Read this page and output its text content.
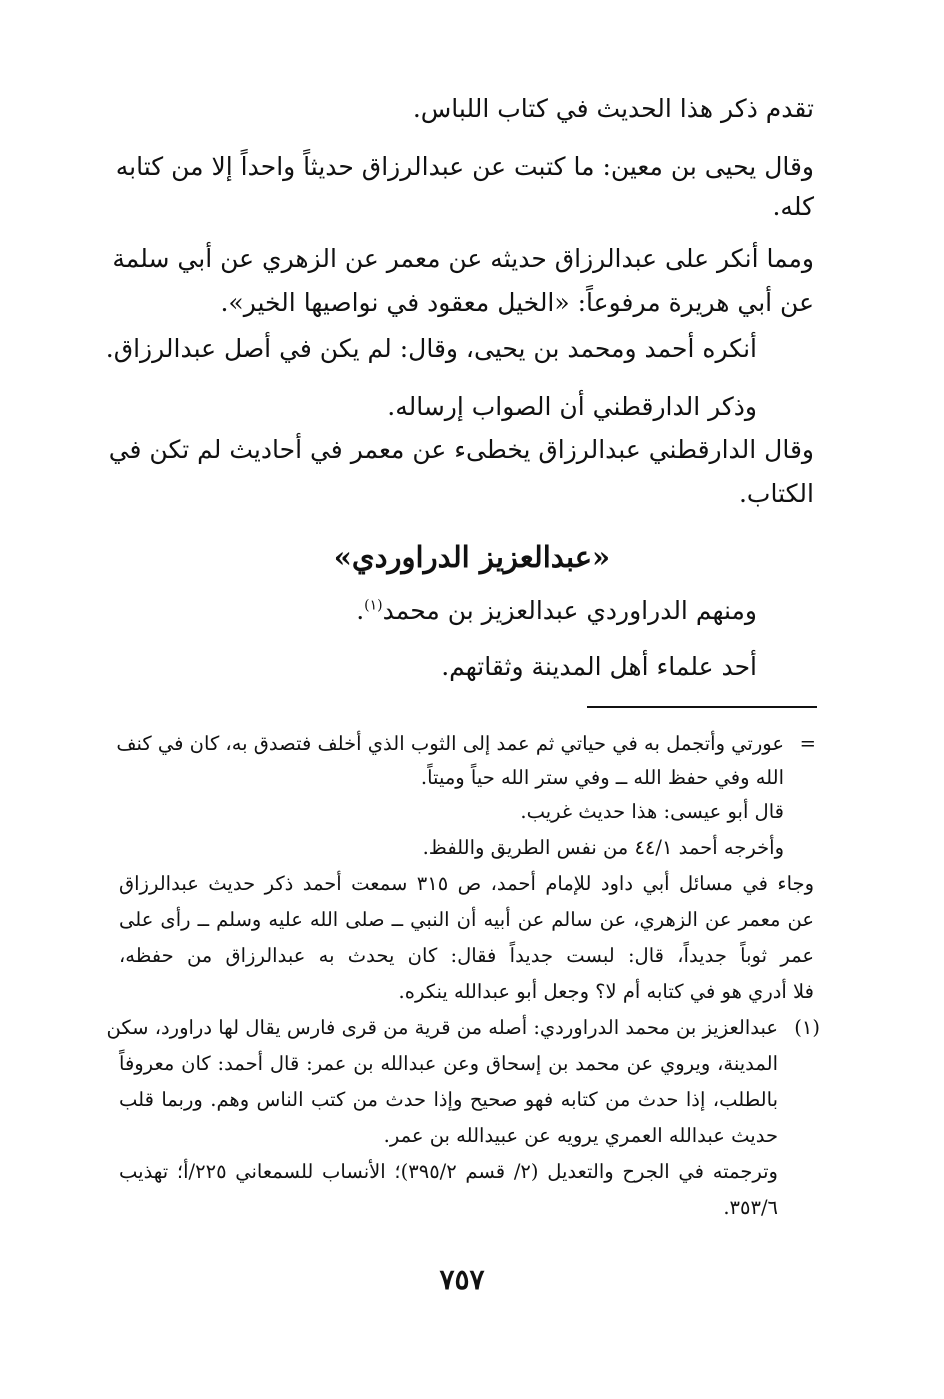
تقدم ذكر هذا الحديث في كتاب اللباس.
وقال يحيى بن معين: ما كتبت عن عبدالرزاق حديثاً واحداً إلا من كتابه
كله.
ومما أنكر على عبدالرزاق حديثه عن معمر عن الزهري عن أبي سلمة
عن أبي هريرة مرفوعاً: «الخيل معقود في نواصيها الخير».
أنكره أحمد ومحمد بن يحيى، وقال: لم يكن في أصل عبدالرزاق.
وذكر الدارقطني أن الصواب إرساله.
وقال الدارقطني عبدالرزاق يخطىء عن معمر في أحاديث لم تكن في
الكتاب.
«عبدالعزيز الدراوردي»
ومنهم الدراوردي عبدالعزيز بن محمد$^{(١)}$.
أحد علماء أهل المدينة وثقاتهم.
=
عورتي وأتجمل به في حياتي ثم عمد إلى الثوب الذي أخلف فتصدق به، كان في كنف
الله وفي حفظ الله ــ وفي ستر الله حياً وميتاً.
قال أبو عيسى: هذا حديث غريب.
وأخرجه أحمد ٤٤/١ من نفس الطريق واللفظ.
وجاء في مسائل أبي داود للإمام أحمد، ص ٣١٥ سمعت أحمد ذكر حديث عبدالرزاق
عن معمر عن الزهري، عن سالم عن أبيه أن النبي ــ صلى الله عليه وسلم ــ رأى على
عمر ثوباً جديداً، قال: لبست جديداً فقال: كان يحدث به عبدالرزاق من حفظه،
فلا أدري هو في كتابه أم لا؟ وجعل أبو عبدالله ينكره.
(١)
عبدالعزيز بن محمد الدراوردي: أصله من قرية من قرى فارس يقال لها دراورد، سكن
المدينة، ويروي عن محمد بن إسحاق وعن عبدالله بن عمر: قال أحمد: كان معروفاً
بالطلب، إذا حدث من كتابه فهو صحيح وإذا حدث من كتب الناس وهم. وربما قلب
حديث عبدالله العمري يرويه عن عبيدالله بن عمر.
وترجمته في الجرح والتعديل (٢/ قسم ٣٩٥/٢)؛ الأنساب للسمعاني ٢٢٥/أ؛ تهذيب
٣٥٣/٦.
٧٥٧
